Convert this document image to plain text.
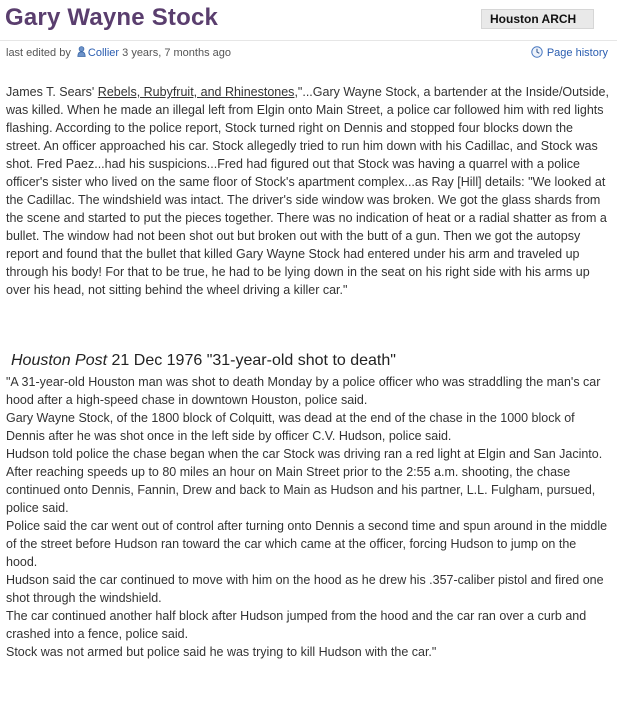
Gary Wayne Stock	Houston ARCH
last edited by Collier 3 years, 7 months ago	Page history

James T. Sears' Rebels, Rubyfruit, and Rhinestones,"...Gary Wayne Stock, a bartender at the Inside/Outside, was killed. When he made an illegal left from Elgin onto Main Street, a police car followed him with red lights flashing. According to the police report, Stock turned right on Dennis and stopped four blocks down the street. An officer approached his car. Stock allegedly tried to run him down with his Cadillac, and Stock was shot. Fred Paez...had his suspicions...Fred had figured out that Stock was having a quarrel with a police officer's sister who lived on the same floor of Stock's apartment complex...as Ray [Hill] details: "We looked at the Cadillac. The windshield was intact. The driver's side window was broken. We got the glass shards from the scene and started to put the pieces together. There was no indication of heat or a radial shatter as from a bullet. The window had not been shot out but broken out with the butt of a gun. Then we got the autopsy report and found that the bullet that killed Gary Wayne Stock had entered under his arm and traveled up through his body! For that to be true, he had to be lying down in the seat on his right side with his arms up over his head, not sitting behind the wheel driving a killer car."

Houston Post 21 Dec 1976 "31-year-old shot to death"

"A 31-year-old Houston man was shot to death Monday by a police officer who was straddling the man's car hood after a high-speed chase in downtown Houston, police said.

Gary Wayne Stock, of the 1800 block of Colquitt, was dead at the end of the chase in the 1000 block of Dennis after he was shot once in the left side by officer C.V. Hudson, police said.

Hudson told police the chase began when the car Stock was driving ran a red light at Elgin and San Jacinto.

After reaching speeds up to 80 miles an hour on Main Street prior to the 2:55 a.m. shooting, the chase continued onto Dennis, Fannin, Drew and back to Main as Hudson and his partner, L.L. Fulgham, pursued, police said.

Police said the car went out of control after turning onto Dennis a second time and spun around in the middle of the street before Hudson ran toward the car which came at the officer, forcing Hudson to jump on the hood.

Hudson said the car continued to move with him on the hood as he drew his .357-caliber pistol and fired one shot through the windshield.

The car continued another half block after Hudson jumped from the hood and the car ran over a curb and crashed into a fence, police said.

Stock was not armed but police said he was trying to kill Hudson with the car."
